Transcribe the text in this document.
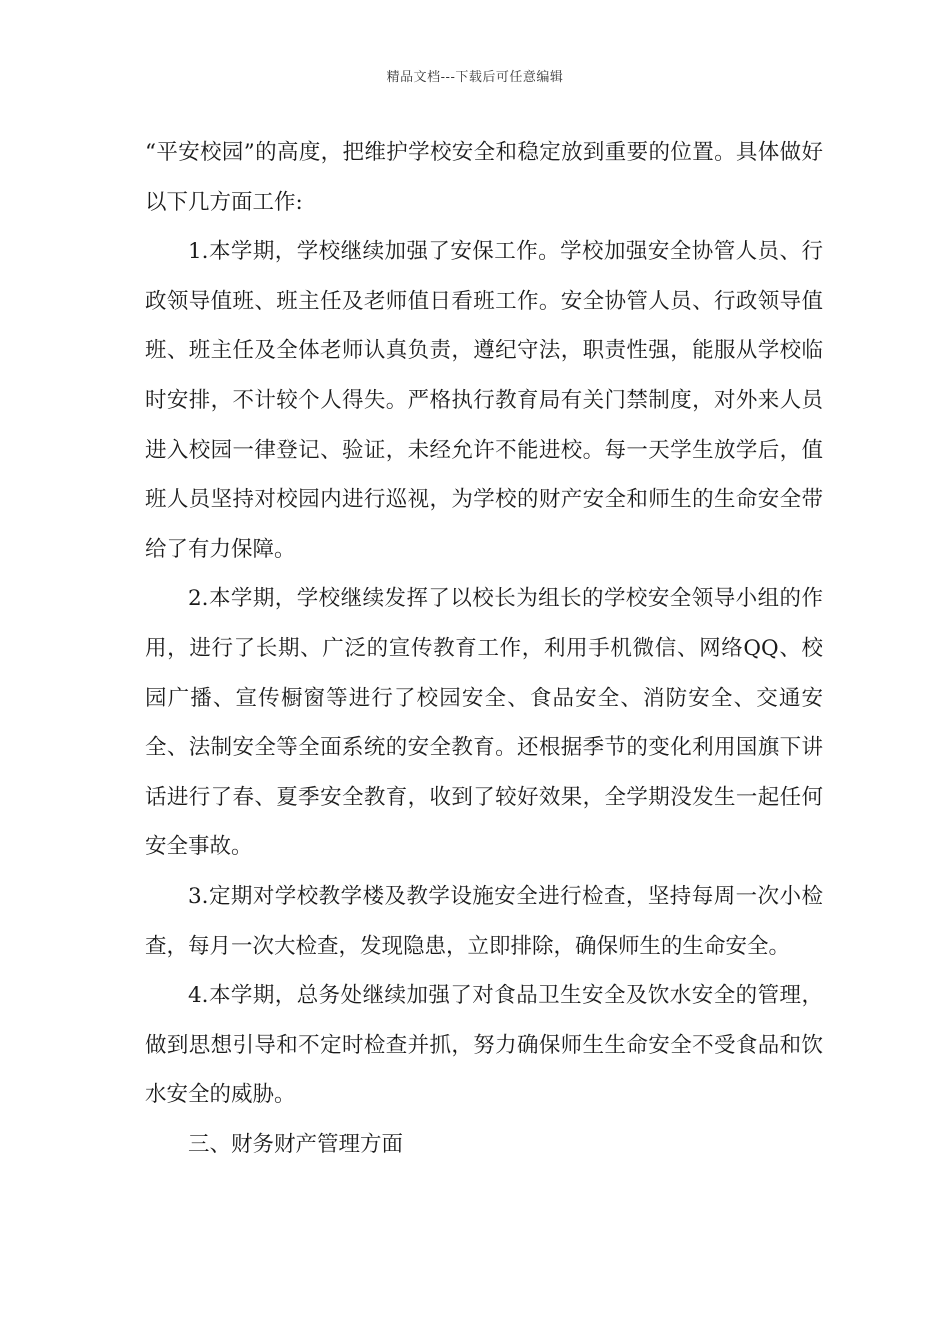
精品文档---下载后可任意编辑

“平安校园”的高度，把维护学校安全和稳定放到重要的位置。具体做好以下几方面工作:

1.本学期，学校继续加强了安保工作。学校加强安全协管人员、行政领导值班、班主任及老师值日看班工作。安全协管人员、行政领导值班、班主任及全体老师认真负责，遵纪守法，职责性强，能服从学校临时安排，不计较个人得失。严格执行教育局有关门禁制度，对外来人员进入校园一律登记、验证，未经允许不能进校。每一天学生放学后，值班人员坚持对校园内进行巡视，为学校的财产安全和师生的生命安全带给了有力保障。

2.本学期，学校继续发挥了以校长为组长的学校安全领导小组的作用，进行了长期、广泛的宣传教育工作，利用手机微信、网络QQ、校园广播、宣传橱窗等进行了校园安全、食品安全、消防安全、交通安全、法制安全等全面系统的安全教育。还根据季节的变化利用国旗下讲话进行了春、夏季安全教育，收到了较好效果，全学期没发生一起任何安全事故。

3.定期对学校教学楼及教学设施安全进行检查，坚持每周一次小检查，每月一次大检查，发现隐患，立即排除，确保师生的生命安全。

4.本学期，总务处继续加强了对食品卫生安全及饮水安全的管理，做到思想引导和不定时检查并抓，努力确保师生生命安全不受食品和饮水安全的威胁。

三、财务财产管理方面
